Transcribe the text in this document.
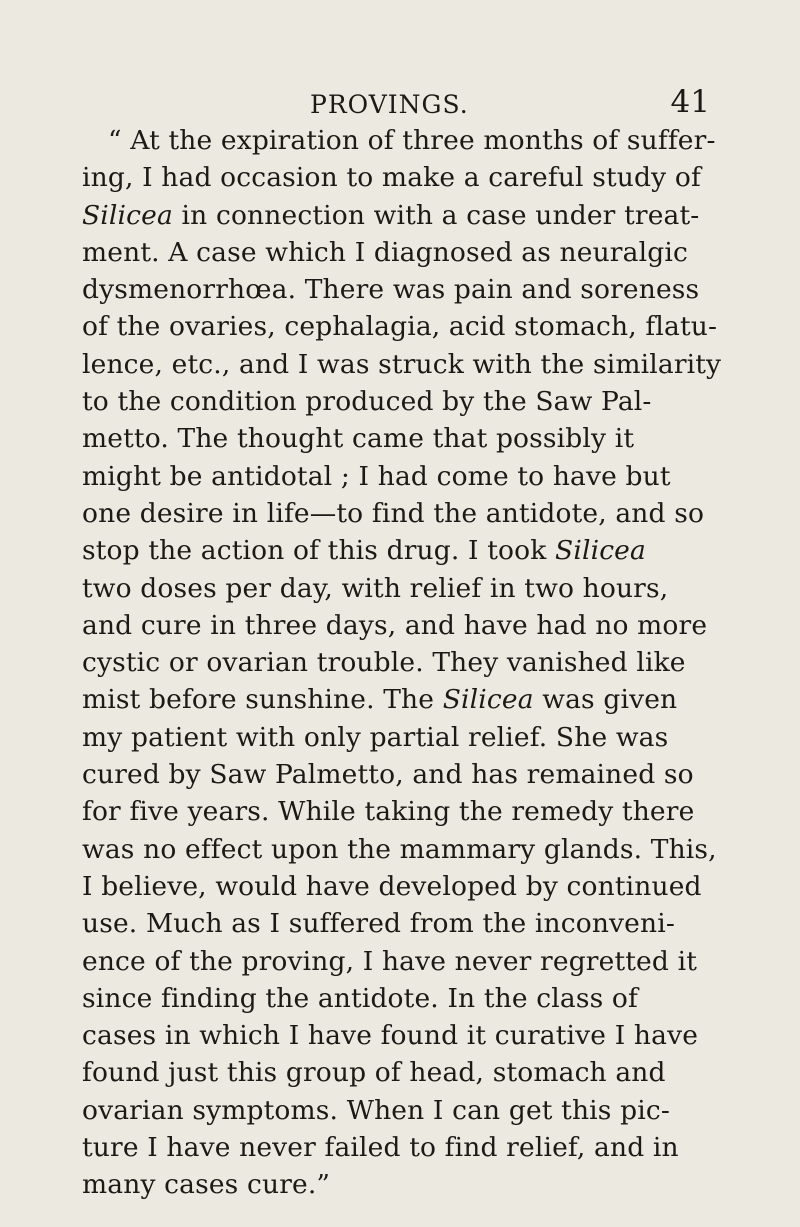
PROVINGS.	41
“ At the expiration of three months of suffer-
ing, I had occasion to make a careful study of
Silicea in connection with a case under treat-
ment. A case which I diagnosed as neuralgic
dysmenorrhœa. There was pain and soreness
of the ovaries, cephalagia, acid stomach, flatu-
lence, etc., and I was struck with the similarity
to the condition produced by the Saw Pal-
metto. The thought came that possibly it
might be antidotal ; I had come to have but
one desire in life—to find the antidote, and so
stop the action of this drug. I took Silicea
two doses per day, with relief in two hours,
and cure in three days, and have had no more
cystic or ovarian trouble. They vanished like
mist before sunshine. The Silicea was given
my patient with only partial relief. She was
cured by Saw Palmetto, and has remained so
for five years. While taking the remedy there
was no effect upon the mammary glands. This,
I believe, would have developed by continued
use. Much as I suffered from the inconveni-
ence of the proving, I have never regretted it
since finding the antidote. In the class of
cases in which I have found it curative I have
found just this group of head, stomach and
ovarian symptoms. When I can get this pic-
ture I have never failed to find relief, and in
many cases cure.”
